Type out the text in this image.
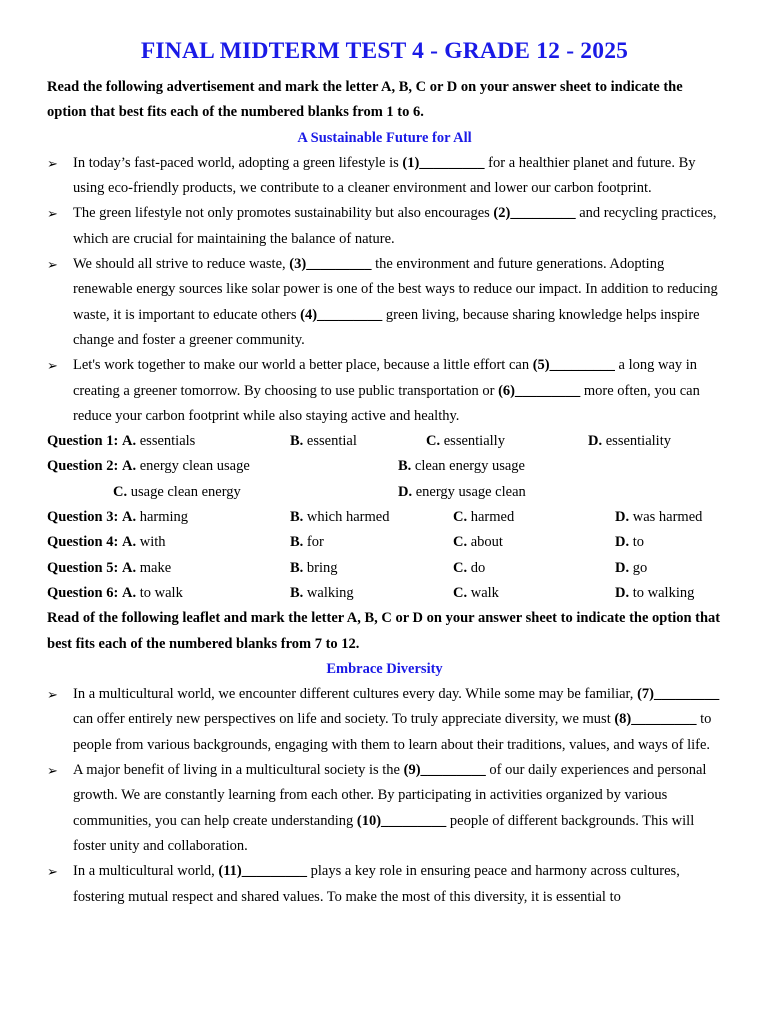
FINAL MIDTERM TEST 4 - GRADE 12 - 2025
Read the following advertisement and mark the letter A, B, C or D on your answer sheet to indicate the option that best fits each of the numbered blanks from 1 to 6.
A Sustainable Future for All
➢	In today’s fast-paced world, adopting a green lifestyle is (1)_________ for a healthier planet and future. By using eco-friendly products, we contribute to a cleaner environment and lower our carbon footprint.
➢	The green lifestyle not only promotes sustainability but also encourages (2)_________ and recycling practices, which are crucial for maintaining the balance of nature.
➢	We should all strive to reduce waste, (3)_________ the environment and future generations. Adopting renewable energy sources like solar power is one of the best ways to reduce our impact. In addition to reducing waste, it is important to educate others (4)_________ green living, because sharing knowledge helps inspire change and foster a greener community.
➢	Let's work together to make our world a better place, because a little effort can (5)_________ a long way in creating a greener tomorrow. By choosing to use public transportation or (6)_________ more often, you can reduce your carbon footprint while also staying active and healthy.
Question 1: A. essentials	B. essential	C. essentially	D. essentiality
Question 2: A. energy clean usage	B. clean energy usage
C. usage clean energy	D. energy usage clean
Question 3: A. harming	B. which harmed	C. harmed	D. was harmed
Question 4: A. with	B. for	C. about	D. to
Question 5: A. make	B. bring	C. do	D. go
Question 6: A. to walk	B. walking	C. walk	D. to walking
Read of the following leaflet and mark the letter A, B, C or D on your answer sheet to indicate the option that best fits each of the numbered blanks from 7 to 12.
Embrace Diversity
➢	In a multicultural world, we encounter different cultures every day. While some may be familiar, (7)_________ can offer entirely new perspectives on life and society. To truly appreciate diversity, we must (8)_________ to people from various backgrounds, engaging with them to learn about their traditions, values, and ways of life.
➢	A major benefit of living in a multicultural society is the (9)_________ of our daily experiences and personal growth. We are constantly learning from each other. By participating in activities organized by various communities, you can help create understanding (10)_________ people of different backgrounds. This will foster unity and collaboration.
➢	In a multicultural world, (11)_________ plays a key role in ensuring peace and harmony across cultures, fostering mutual respect and shared values. To make the most of this diversity, it is essential to
